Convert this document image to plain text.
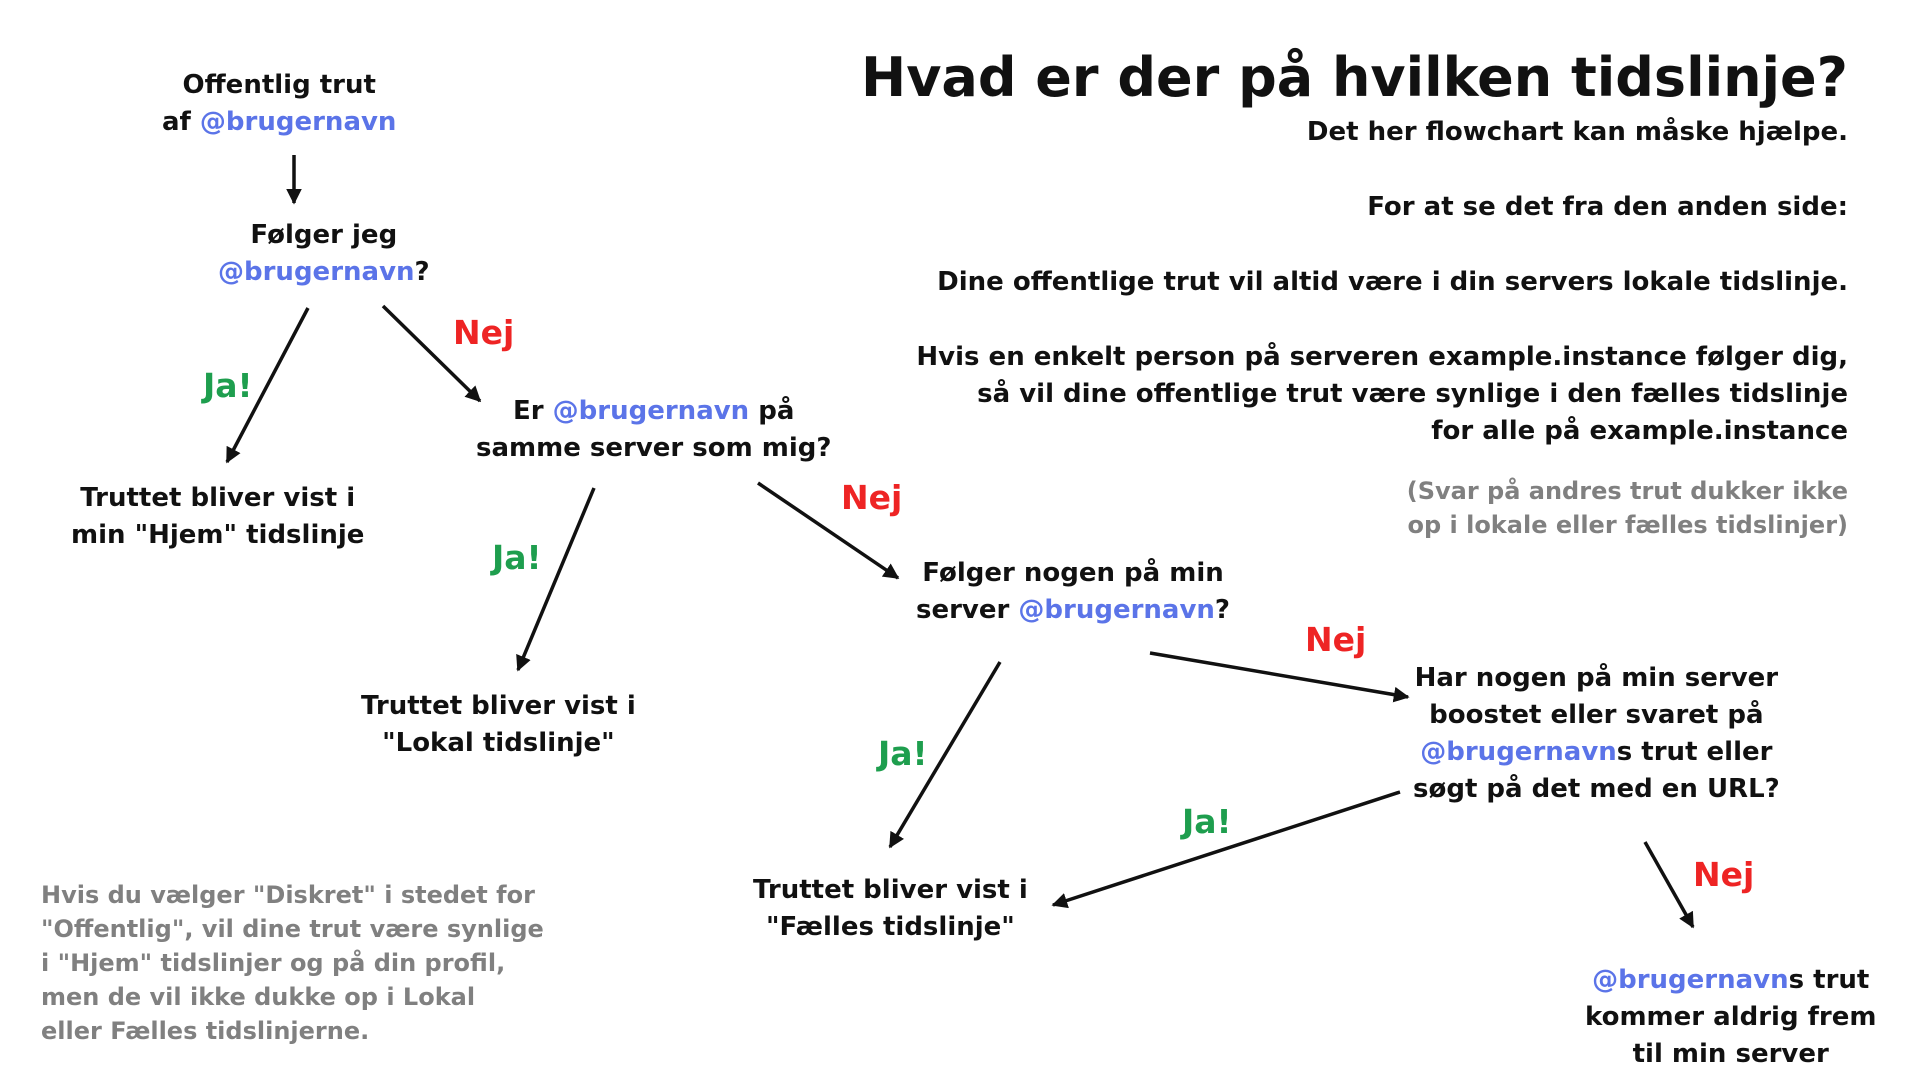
Hvad er der på hvilken tidslinje?
Det her flowchart kan måske hjælpe.
For at se det fra den anden side:
Dine offentlige trut vil altid være i din servers lokale tidslinje.
Hvis en enkelt person på serveren example.instance følger dig,
så vil dine offentlige trut være synlige i den fælles tidslinje
for alle på example.instance
(Svar på andres trut dukker ikke
op i lokale eller fælles tidslinjer)
Offentlig trut
af @brugernavn
Følger jeg
@brugernavn?
Er @brugernavn på
samme server som mig?
Følger nogen på min
server @brugernavn?
Har nogen på min server
boostet eller svaret på
@brugernavns trut eller
søgt på det med en URL?
Truttet bliver vist i
min "Hjem" tidslinje
Truttet bliver vist i
"Lokal tidslinje"
Truttet bliver vist i
"Fælles tidslinje"
@brugernavns trut
kommer aldrig frem
til min server
Ja!
Nej
Ja!
Nej
Ja!
Nej
Ja!
Nej
Hvis du vælger "Diskret" i stedet for
"Offentlig", vil dine trut være synlige
i "Hjem" tidslinjer og på din profil,
men de vil ikke dukke op i Lokal
eller Fælles tidslinjerne.
